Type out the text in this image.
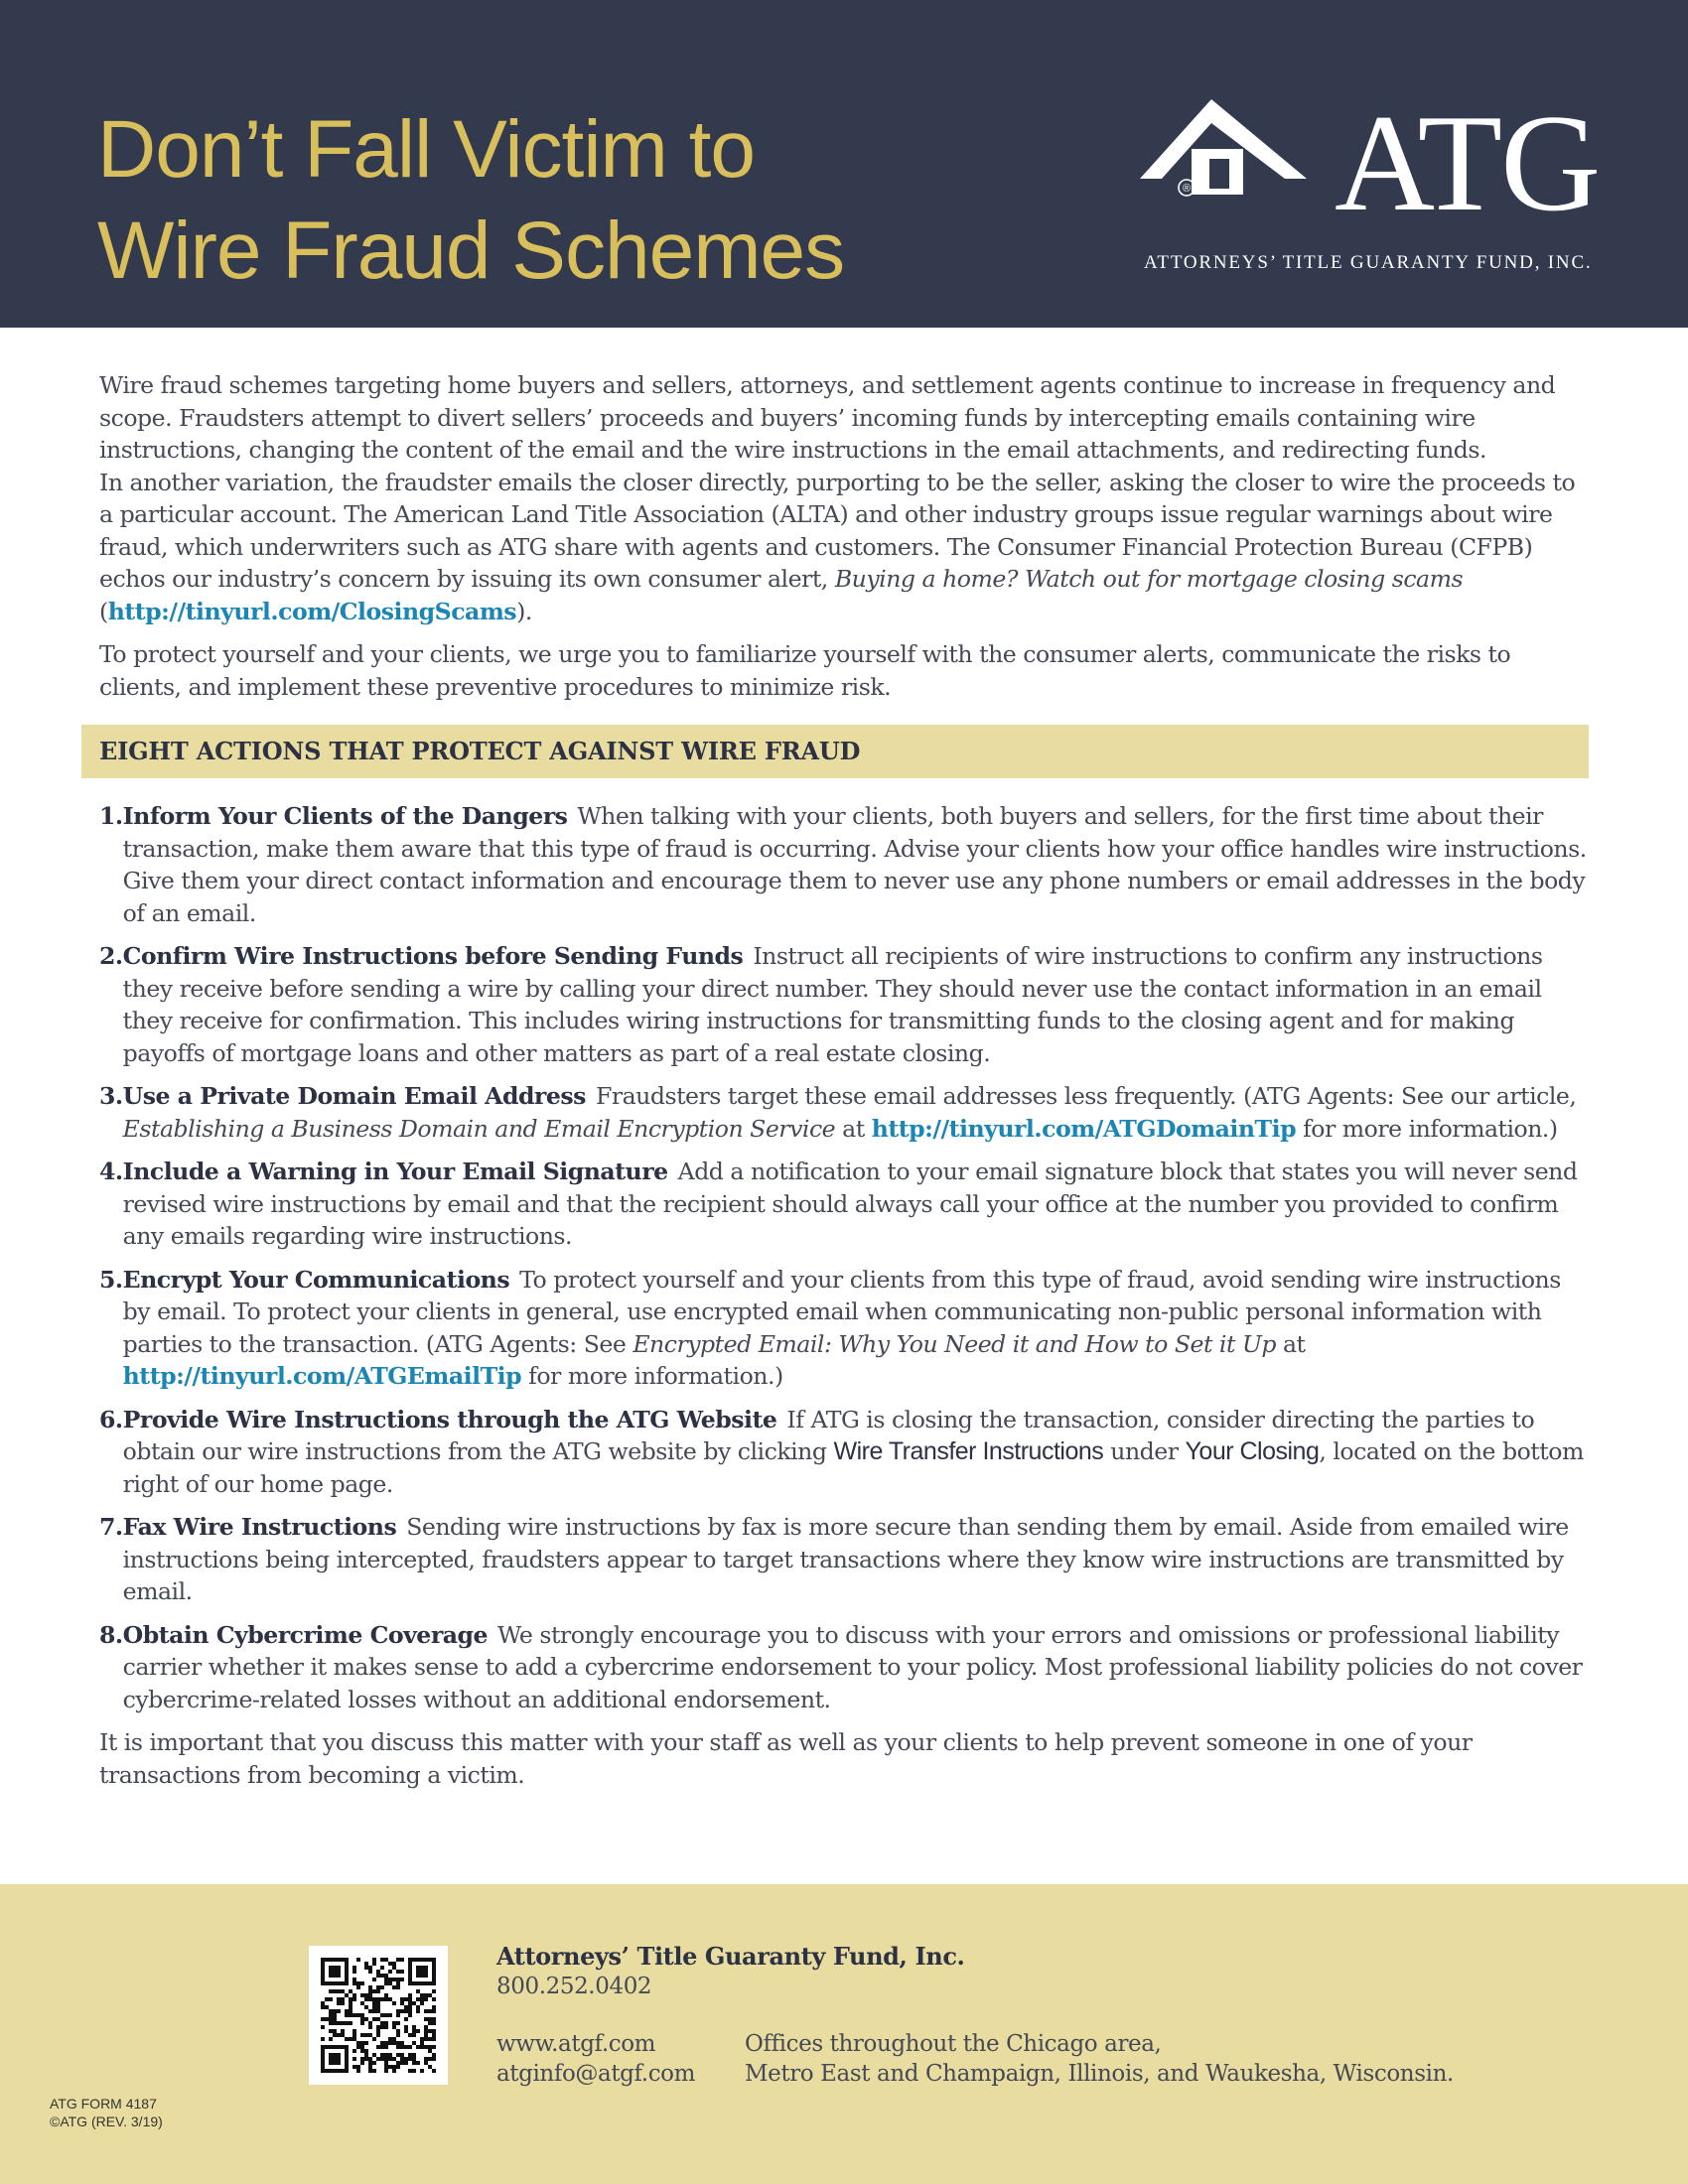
Don’t Fall Victim to
Wire Fraud Schemes
® ATG
ATTORNEYS’ TITLE GUARANTY FUND, INC.

Wire fraud schemes targeting home buyers and sellers, attorneys, and settlement agents continue to increase in frequency and scope. Fraudsters attempt to divert sellers’ proceeds and buyers’ incoming funds by intercepting emails containing wire instructions, changing the content of the email and the wire instructions in the email attachments, and redirecting funds.
In another variation, the fraudster emails the closer directly, purporting to be the seller, asking the closer to wire the proceeds to a particular account. The American Land Title Association (ALTA) and other industry groups issue regular warnings about wire fraud, which underwriters such as ATG share with agents and customers. The Consumer Financial Protection Bureau (CFPB) echos our industry’s concern by issuing its own consumer alert, Buying a home? Watch out for mortgage closing scams (http://tinyurl.com/ClosingScams).

To protect yourself and your clients, we urge you to familiarize yourself with the consumer alerts, communicate the risks to clients, and implement these preventive procedures to minimize risk.

EIGHT ACTIONS THAT PROTECT AGAINST WIRE FRAUD
1. Inform Your Clients of the Dangers When talking with your clients, both buyers and sellers, for the first time about their transaction, make them aware that this type of fraud is occurring. Advise your clients how your office handles wire instructions. Give them your direct contact information and encourage them to never use any phone numbers or email addresses in the body of an email.
2. Confirm Wire Instructions before Sending Funds Instruct all recipients of wire instructions to confirm any instructions they receive before sending a wire by calling your direct number. They should never use the contact information in an email they receive for confirmation. This includes wiring instructions for transmitting funds to the closing agent and for making payoffs of mortgage loans and other matters as part of a real estate closing.
3. Use a Private Domain Email Address Fraudsters target these email addresses less frequently. (ATG Agents: See our article, Establishing a Business Domain and Email Encryption Service at http://tinyurl.com/ATGDomainTip for more information.)
4. Include a Warning in Your Email Signature Add a notification to your email signature block that states you will never send revised wire instructions by email and that the recipient should always call your office at the number you provided to confirm any emails regarding wire instructions.
5. Encrypt Your Communications To protect yourself and your clients from this type of fraud, avoid sending wire instructions by email. To protect your clients in general, use encrypted email when communicating non-public personal information with parties to the transaction. (ATG Agents: See Encrypted Email: Why You Need it and How to Set it Up at http://tinyurl.com/ATGEmailTip for more information.)
6. Provide Wire Instructions through the ATG Website If ATG is closing the transaction, consider directing the parties to obtain our wire instructions from the ATG website by clicking Wire Transfer Instructions under Your Closing, located on the bottom right of our home page.
7. Fax Wire Instructions Sending wire instructions by fax is more secure than sending them by email. Aside from emailed wire instructions being intercepted, fraudsters appear to target transactions where they know wire instructions are transmitted by email.
8. Obtain Cybercrime Coverage We strongly encourage you to discuss with your errors and omissions or professional liability carrier whether it makes sense to add a cybercrime endorsement to your policy. Most professional liability policies do not cover cybercrime-related losses without an additional endorsement.

It is important that you discuss this matter with your staff as well as your clients to help prevent someone in one of your transactions from becoming a victim.

Attorneys’ Title Guaranty Fund, Inc.
800.252.0402
www.atgf.com
atginfo@atgf.com
Offices throughout the Chicago area,
Metro East and Champaign, Illinois, and Waukesha, Wisconsin.
ATG FORM 4187
©ATG (REV. 3/19)
